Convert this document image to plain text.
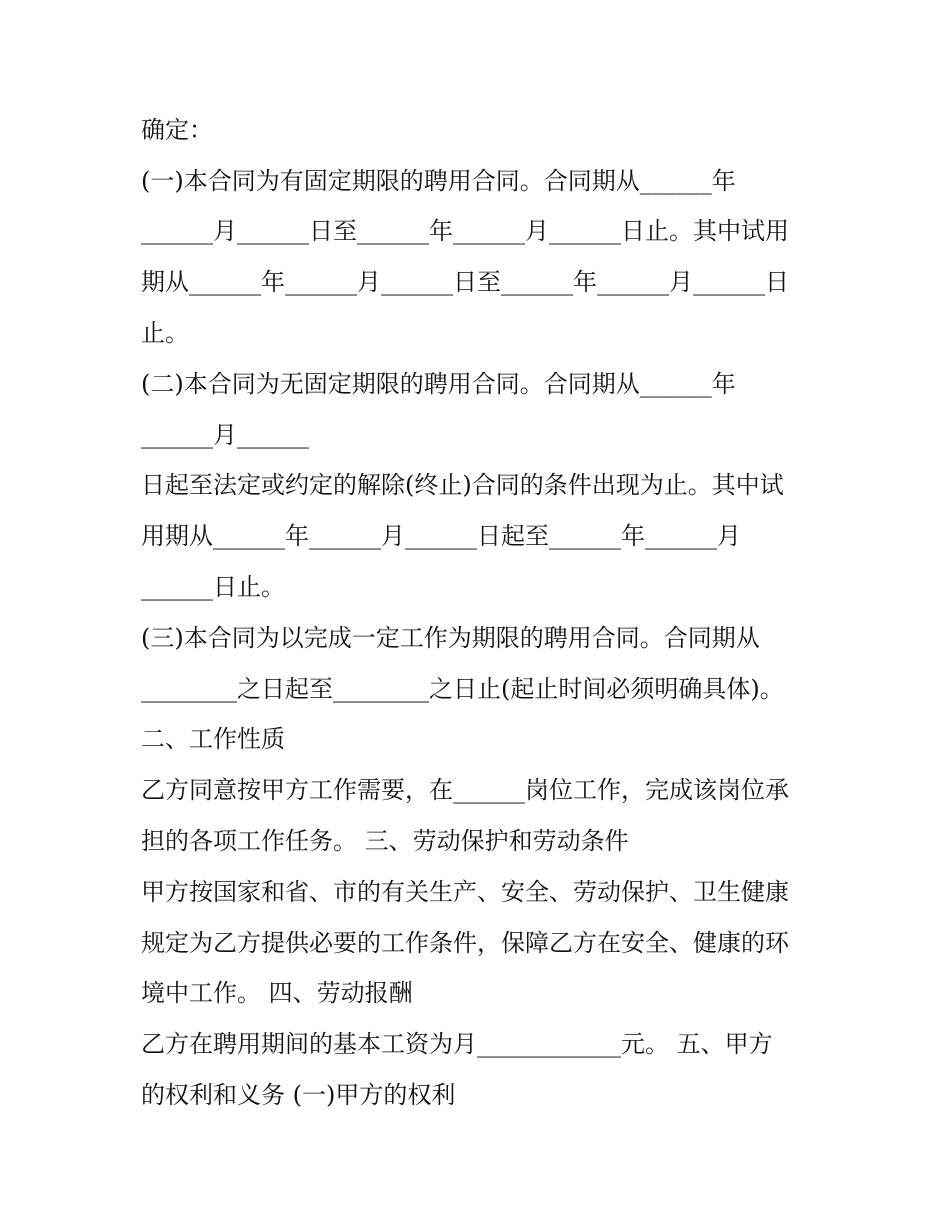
确定：

(一)本合同为有固定期限的聘用合同。合同期从______年

______月______日至______年______月______日止。其中试用

期从______年______月______日至______年______月______日

止。

(二)本合同为无固定期限的聘用合同。合同期从______年

______月______

日起至法定或约定的解除(终止)合同的条件出现为止。其中试

用期从______年______月______日起至______年______月

______日止。

(三)本合同为以完成一定工作为期限的聘用合同。合同期从

________之日起至________之日止(起止时间必须明确具体)。

二、工作性质

乙方同意按甲方工作需要，在______岗位工作，完成该岗位承

担的各项工作任务。 三、劳动保护和劳动条件

甲方按国家和省、市的有关生产、安全、劳动保护、卫生健康

规定为乙方提供必要的工作条件，保障乙方在安全、健康的环

境中工作。 四、劳动报酬

乙方在聘用期间的基本工资为月____________元。 五、甲方

的权利和义务 (一)甲方的权利
